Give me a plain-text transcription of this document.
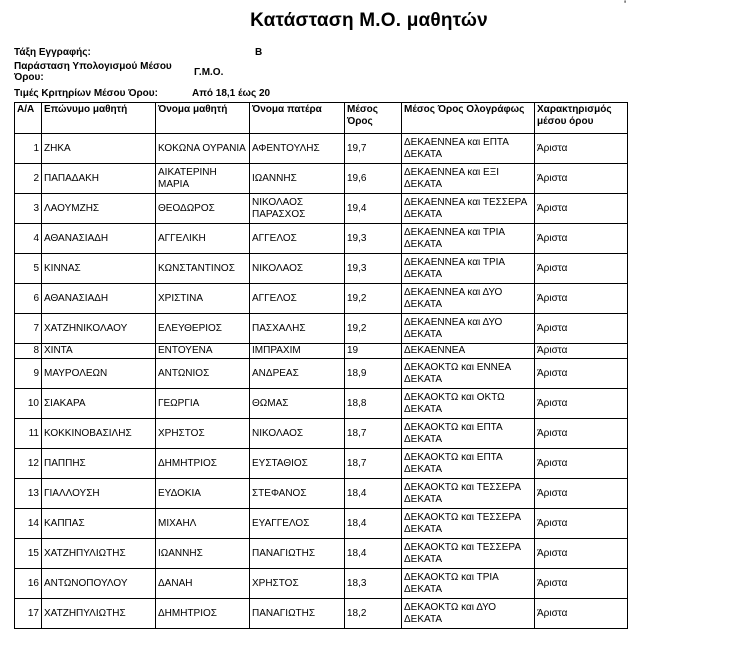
Κατάσταση Μ.Ο. μαθητών
'
Τάξη Εγγραφής:	Β
Παράσταση Υπολογισμού Μέσου Όρου:	Γ.Μ.Ο.
Τιμές Κριτηρίων Μέσου Όρου:	Από 18,1 έως 20
Α/Α	Επώνυμο μαθητή	Όνομα μαθητή	Όνομα πατέρα	Μέσος Όρος	Μέσος Όρος Ολογράφως	Χαρακτηρισμός μέσου όρου
1	ΖΗΚΑ	ΚΟΚΩΝΑ ΟΥΡΑΝΙΑ	ΑΦΕΝΤΟΥΛΗΣ	19,7	ΔΕΚΑΕΝΝΕΑ και ΕΠΤΑ ΔΕΚΑΤΑ	Άριστα
2	ΠΑΠΑΔΑΚΗ	ΑΙΚΑΤΕΡΙΝΗ ΜΑΡΙΑ	ΙΩΑΝΝΗΣ	19,6	ΔΕΚΑΕΝΝΕΑ και ΕΞΙ ΔΕΚΑΤΑ	Άριστα
3	ΛΑΟΥΜΖΗΣ	ΘΕΟΔΩΡΟΣ	ΝΙΚΟΛΑΟΣ ΠΑΡΑΣΧΟΣ	19,4	ΔΕΚΑΕΝΝΕΑ και ΤΕΣΣΕΡΑ ΔΕΚΑΤΑ	Άριστα
4	ΑΘΑΝΑΣΙΑΔΗ	ΑΓΓΕΛΙΚΗ	ΑΓΓΕΛΟΣ	19,3	ΔΕΚΑΕΝΝΕΑ και ΤΡΙΑ ΔΕΚΑΤΑ	Άριστα
5	ΚΙΝΝΑΣ	ΚΩΝΣΤΑΝΤΙΝΟΣ	ΝΙΚΟΛΑΟΣ	19,3	ΔΕΚΑΕΝΝΕΑ και ΤΡΙΑ ΔΕΚΑΤΑ	Άριστα
6	ΑΘΑΝΑΣΙΑΔΗ	ΧΡΙΣΤΙΝΑ	ΑΓΓΕΛΟΣ	19,2	ΔΕΚΑΕΝΝΕΑ και ΔΥΟ ΔΕΚΑΤΑ	Άριστα
7	ΧΑΤΖΗΝΙΚΟΛΑΟΥ	ΕΛΕΥΘΕΡΙΟΣ	ΠΑΣΧΑΛΗΣ	19,2	ΔΕΚΑΕΝΝΕΑ και ΔΥΟ ΔΕΚΑΤΑ	Άριστα
8	ΧΙΝΤΑ	ΕΝΤΟΥΕΝΑ	ΙΜΠΡΑΧΙΜ	19	ΔΕΚΑΕΝΝΕΑ	Άριστα
9	ΜΑΥΡΟΛΕΩΝ	ΑΝΤΩΝΙΟΣ	ΑΝΔΡΕΑΣ	18,9	ΔΕΚΑΟΚΤΩ και ΕΝΝΕΑ ΔΕΚΑΤΑ	Άριστα
10	ΣΙΑΚΑΡΑ	ΓΕΩΡΓΙΑ	ΘΩΜΑΣ	18,8	ΔΕΚΑΟΚΤΩ και ΟΚΤΩ ΔΕΚΑΤΑ	Άριστα
11	ΚΟΚΚΙΝΟΒΑΣΙΛΗΣ	ΧΡΗΣΤΟΣ	ΝΙΚΟΛΑΟΣ	18,7	ΔΕΚΑΟΚΤΩ και ΕΠΤΑ ΔΕΚΑΤΑ	Άριστα
12	ΠΑΠΠΗΣ	ΔΗΜΗΤΡΙΟΣ	ΕΥΣΤΑΘΙΟΣ	18,7	ΔΕΚΑΟΚΤΩ και ΕΠΤΑ ΔΕΚΑΤΑ	Άριστα
13	ΓΙΑΛΛΟΥΣΗ	ΕΥΔΟΚΙΑ	ΣΤΕΦΑΝΟΣ	18,4	ΔΕΚΑΟΚΤΩ και ΤΕΣΣΕΡΑ ΔΕΚΑΤΑ	Άριστα
14	ΚΑΠΠΑΣ	ΜΙΧΑΗΛ	ΕΥΑΓΓΕΛΟΣ	18,4	ΔΕΚΑΟΚΤΩ και ΤΕΣΣΕΡΑ ΔΕΚΑΤΑ	Άριστα
15	ΧΑΤΖΗΠΥΛΙΩΤΗΣ	ΙΩΑΝΝΗΣ	ΠΑΝΑΓΙΩΤΗΣ	18,4	ΔΕΚΑΟΚΤΩ και ΤΕΣΣΕΡΑ ΔΕΚΑΤΑ	Άριστα
16	ΑΝΤΩΝΟΠΟΥΛΟΥ	ΔΑΝΑΗ	ΧΡΗΣΤΟΣ	18,3	ΔΕΚΑΟΚΤΩ και ΤΡΙΑ ΔΕΚΑΤΑ	Άριστα
17	ΧΑΤΖΗΠΥΛΙΩΤΗΣ	ΔΗΜΗΤΡΙΟΣ	ΠΑΝΑΓΙΩΤΗΣ	18,2	ΔΕΚΑΟΚΤΩ και ΔΥΟ ΔΕΚΑΤΑ	Άριστα
